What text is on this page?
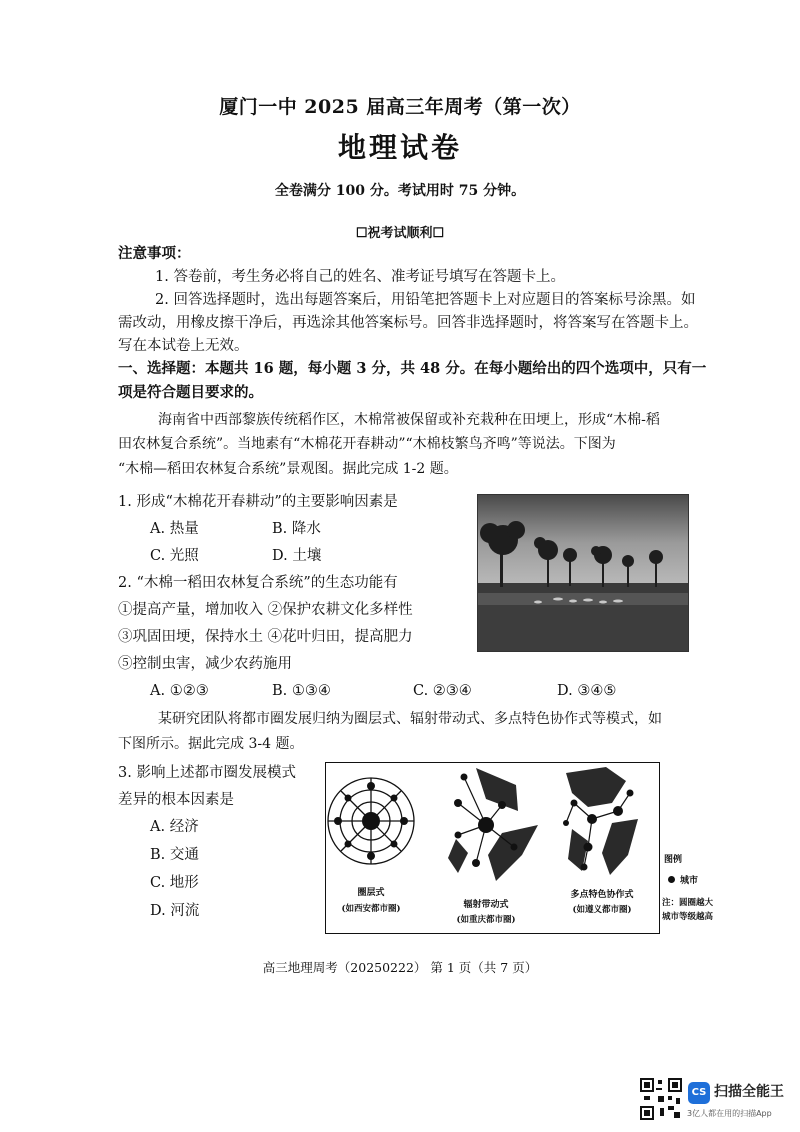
厦门一中 2025 届高三年周考（第一次）
地理试卷
全卷满分 100 分。考试用时 75 分钟。
☐祝考试顺利☐
注意事项：
1. 答卷前，考生务必将自己的姓名、准考证号填写在答题卡上。
2. 回答选择题时，选出每题答案后，用铅笔把答题卡上对应题目的答案标号涂黑。如
需改动，用橡皮擦干净后，再选涂其他答案标号。回答非选择题时，将答案写在答题卡上。
写在本试卷上无效。
一、选择题：本题共 16 题，每小题 3 分，共 48 分。在每小题给出的四个选项中，只有一
项是符合题目要求的。
海南省中西部黎族传统稻作区，木棉常被保留或补充栽种在田埂上，形成“木棉-稻
田农林复合系统”。当地素有“木棉花开春耕动”“木棉枝繁鸟齐鸣”等说法。下图为
“木棉—稻田农林复合系统”景观图。据此完成 1-2 题。
1. 形成“木棉花开春耕动”的主要影响因素是
A. 热量	B. 降水
C. 光照	D. 土壤
2. “木棉一稻田农林复合系统”的生态功能有
①提高产量，增加收入 ②保护农耕文化多样性
③巩固田埂，保持水土 ④花叶归田，提高肥力
⑤控制虫害，减少农药施用
A. ①②③	B. ①③④	C. ②③④	D. ③④⑤
某研究团队将都市圈发展归纳为圈层式、辐射带动式、多点特色协作式等模式，如
下图所示。据此完成 3-4 题。
3. 影响上述都市圈发展模式
差异的根本因素是
A. 经济
B. 交通
C. 地形
D. 河流
圈层式
(如西安都市圈)	辐射带动式
(如重庆都市圈)
多点特色协作式
(如遵义都市圈)
图例
城市
注：圆圈越大
城市等级越高
高三地理周考（20250222） 第 1 页（共 7 页）
CS 扫描全能王
3亿人都在用的扫描App
